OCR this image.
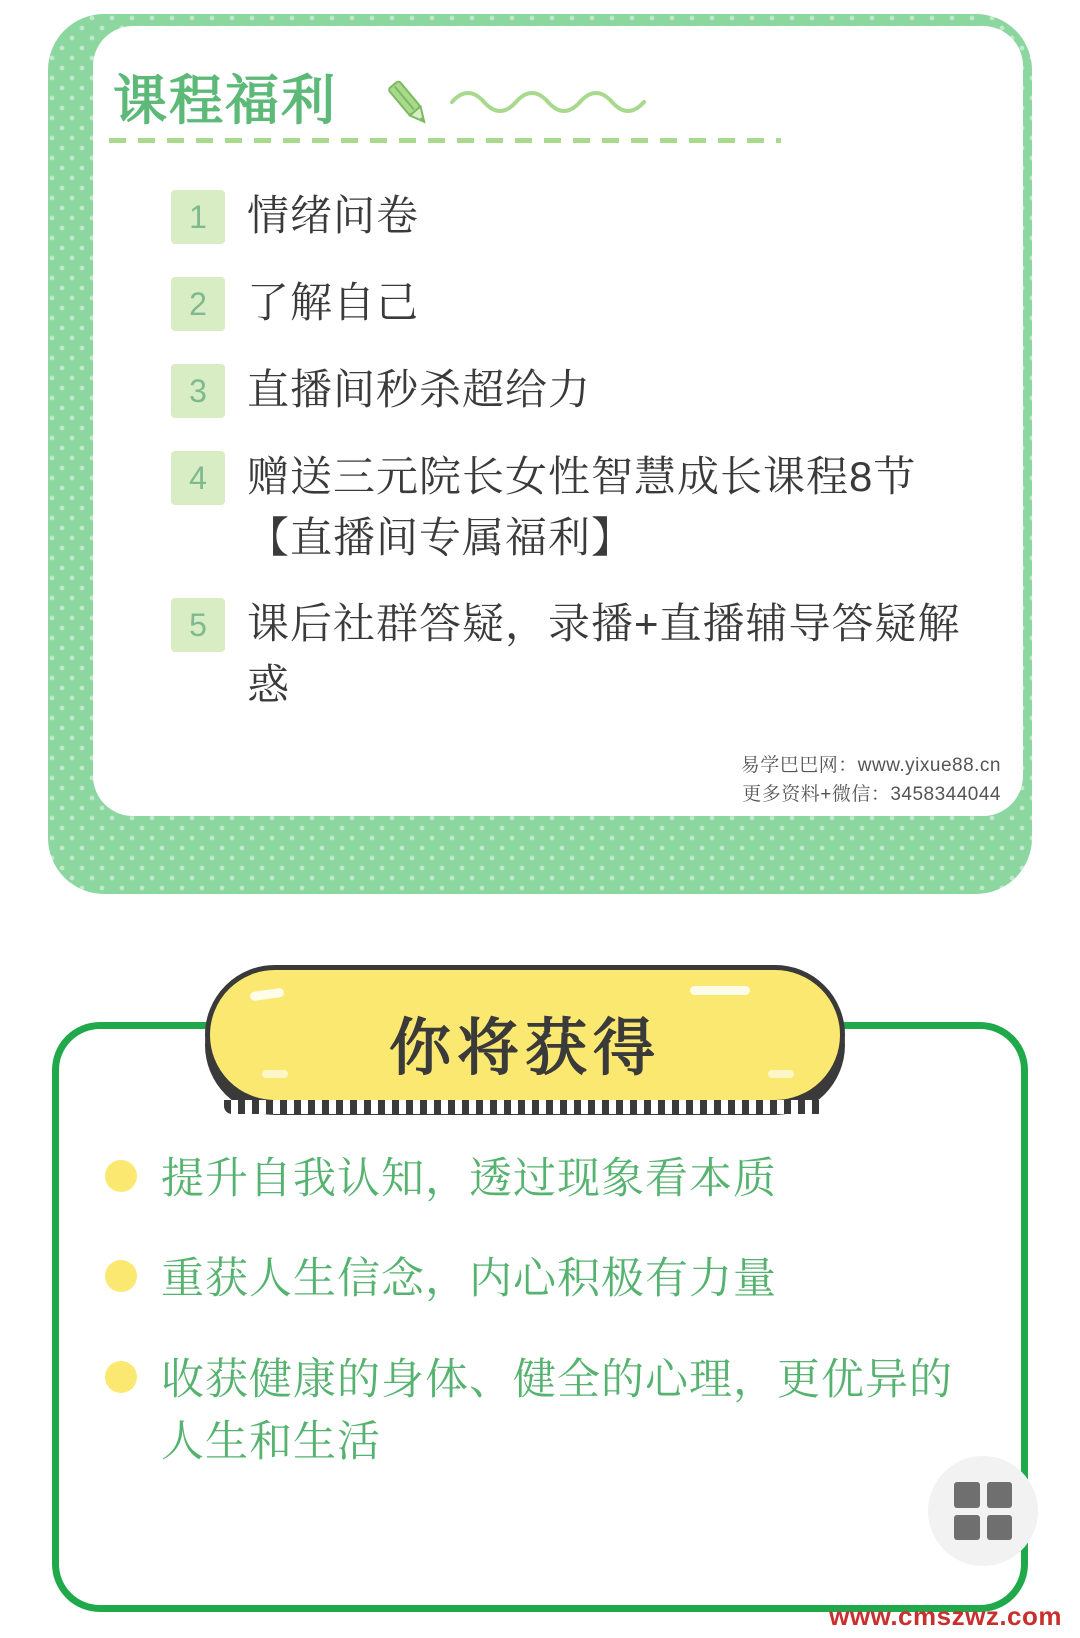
课程福利
1 情绪问卷
2 了解自己
3 直播间秒杀超给力
4 赠送三元院长女性智慧成长课程8节【直播间专属福利】
5 课后社群答疑，录播+直播辅导答疑解惑
易学巴巴网：www.yixue88.cn
更多资料+微信：3458344044
你将获得
提升自我认知，透过现象看本质
重获人生信念，内心积极有力量
收获健康的身体、健全的心理，更优异的人生和生活
www.cmszwz.com
